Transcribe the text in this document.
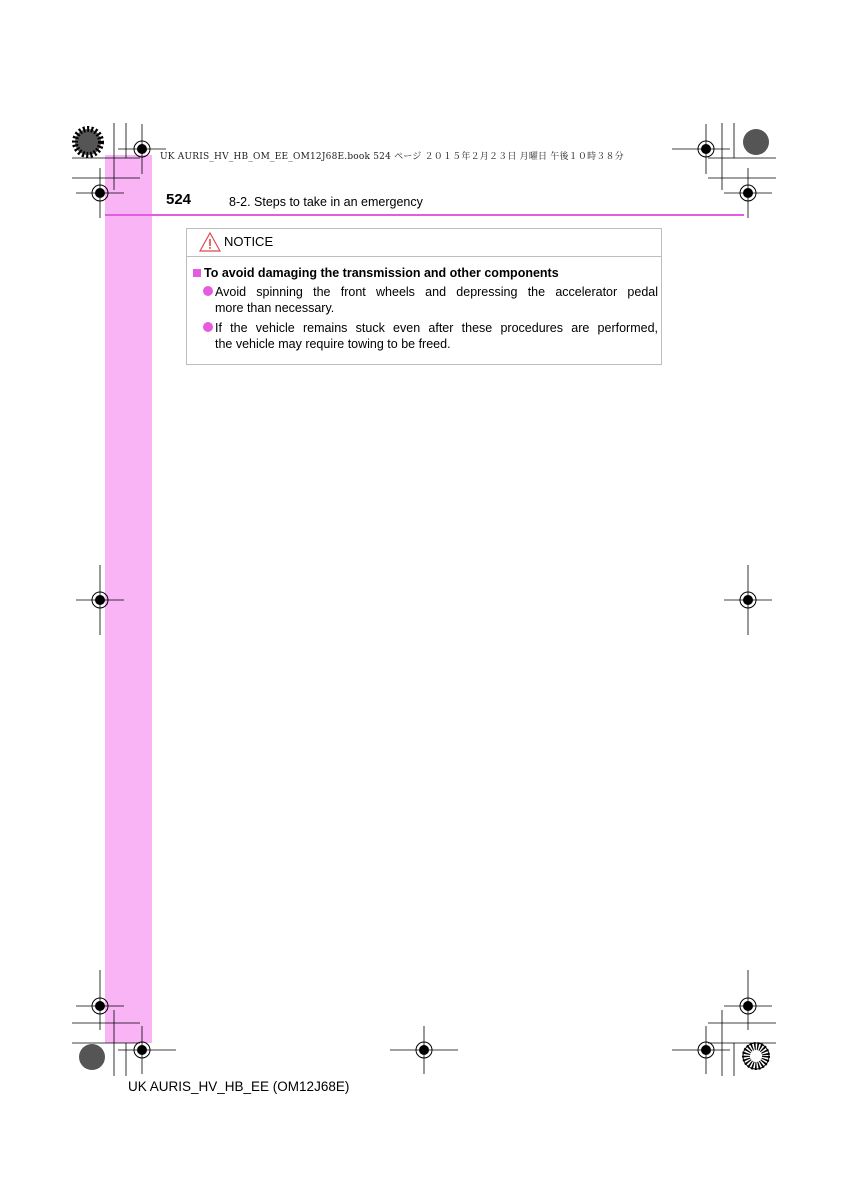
UK AURIS_HV_HB_OM_EE_OM12J68E.book 524 ページ ２０１５年２月２３日 月曜日 午後１０時３８分
524	8-2. Steps to take in an emergency
NOTICE
To avoid damaging the transmission and other components
Avoid spinning the front wheels and depressing the accelerator pedal
more than necessary.
If the vehicle remains stuck even after these procedures are performed,
the vehicle may require towing to be freed.
UK AURIS_HV_HB_EE (OM12J68E)
